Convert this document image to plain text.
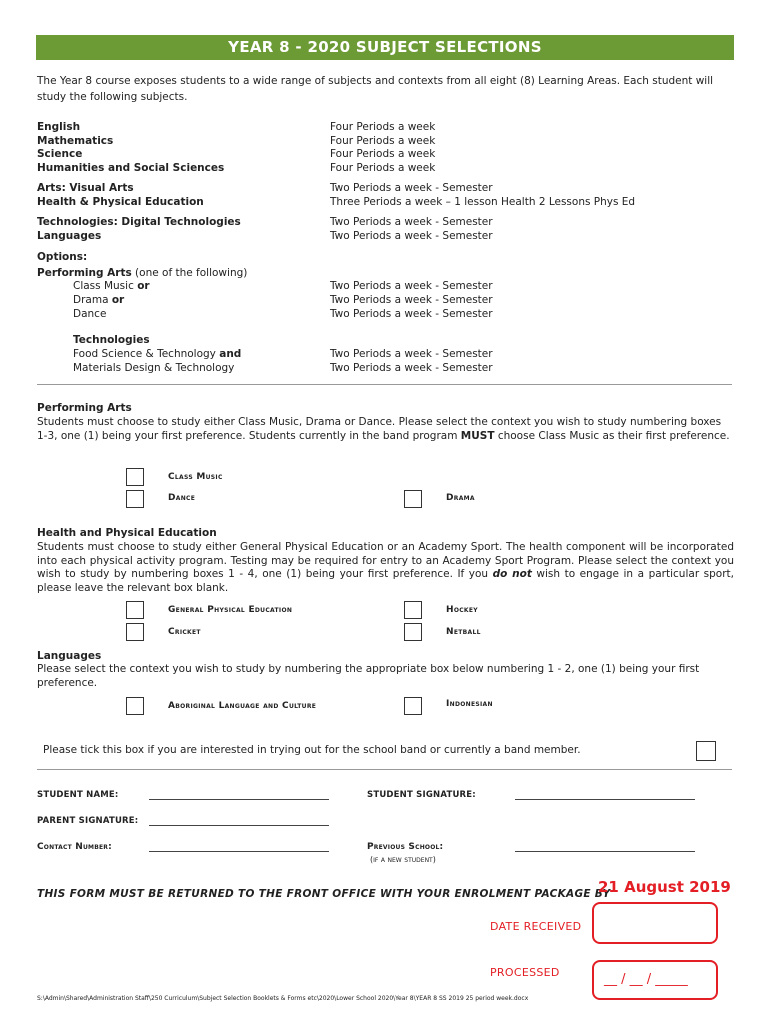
YEAR 8 - 2020 SUBJECT SELECTIONS
The Year 8 course exposes students to a wide range of subjects and contexts from all eight (8) Learning Areas. Each student will study the following subjects.
English	Four Periods a week
Mathematics	Four Periods a week
Science	Four Periods a week
Humanities and Social Sciences	Four Periods a week
Arts: Visual Arts	Two Periods a week - Semester
Health & Physical Education	Three Periods a week – 1 lesson Health 2 Lessons Phys Ed
Technologies: Digital Technologies	Two Periods a week - Semester
Languages	Two Periods a week - Semester
Options:
Performing Arts (one of the following)
Class Music or	Two Periods a week - Semester
Drama or	Two Periods a week - Semester
Dance	Two Periods a week - Semester
Technologies
Food Science & Technology and	Two Periods a week - Semester
Materials Design & Technology	Two Periods a week - Semester
Performing Arts
Students must choose to study either Class Music, Drama or Dance. Please select the context you wish to study numbering boxes 1-3, one (1) being your first preference. Students currently in the band program MUST choose Class Music as their first preference.
Class Music
Dance	Drama
Health and Physical Education
Students must choose to study either General Physical Education or an Academy Sport. The health component will be incorporated into each physical activity program. Testing may be required for entry to an Academy Sport Program. Please select the context you wish to study by numbering boxes 1 - 4, one (1) being your first preference. If you do not wish to engage in a particular sport, please leave the relevant box blank.
General Physical Education	Hockey
Cricket	Netball
Languages
Please select the context you wish to study by numbering the appropriate box below numbering 1 - 2, one (1) being your first preference.
Aboriginal Language and Culture	Indonesian
Please tick this box if you are interested in trying out for the school band or currently a band member.
STUDENT NAME:	STUDENT SIGNATURE:
PARENT SIGNATURE:
Contact Number:	Previous School:
(if a new student)
THIS FORM MUST BE RETURNED TO THE FRONT OFFICE WITH YOUR ENROLMENT PACKAGE BY
21 August 2019
DATE RECEIVED
PROCESSED	__ / __ / _____
S:\Admin\Shared\Administration Staff\250 Curriculum\Subject Selection Booklets & Forms etc\2020\Lower School 2020\Year 8\YEAR 8 SS 2019 25 period week.docx
